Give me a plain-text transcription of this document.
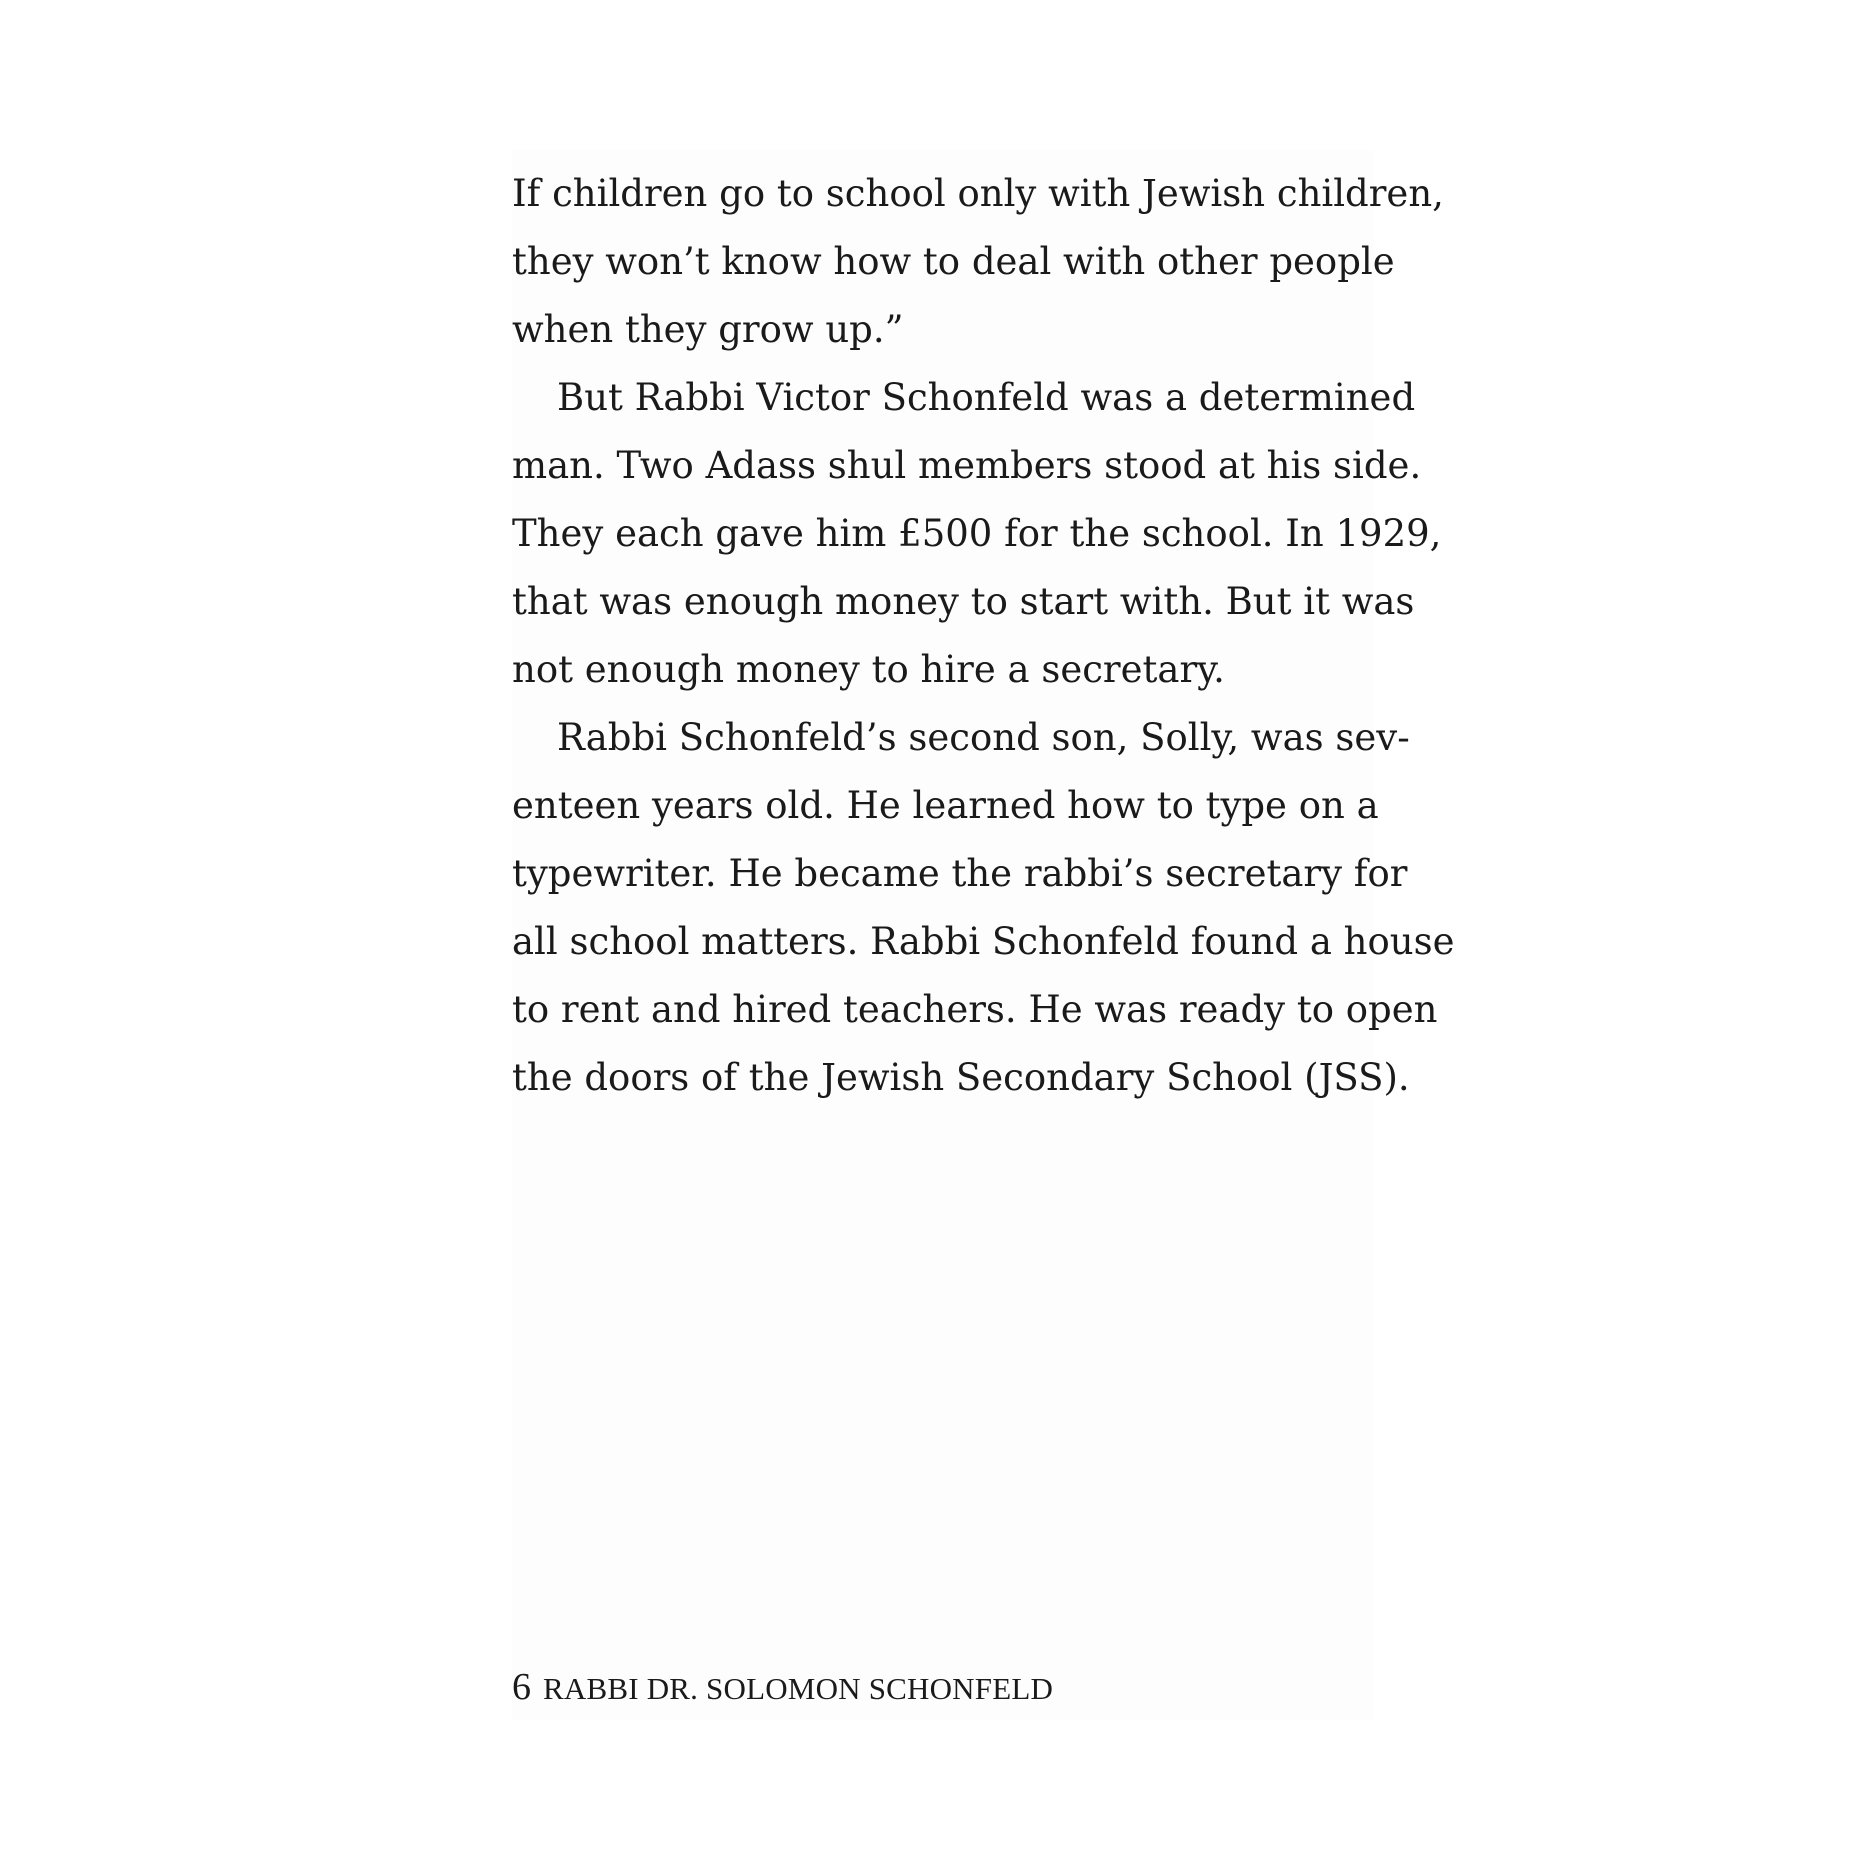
If children go to school only with Jewish children,
they won’t know how to deal with other people
when they grow up.”
But Rabbi Victor Schonfeld was a determined
man. Two Adass shul members stood at his side.
They each gave him £500 for the school. In 1929,
that was enough money to start with. But it was
not enough money to hire a secretary.
Rabbi Schonfeld’s second son, Solly, was sev-
enteen years old. He learned how to type on a
typewriter. He became the rabbi’s secretary for
all school matters. Rabbi Schonfeld found a house
to rent and hired teachers. He was ready to open
the doors of the Jewish Secondary School (JSS).
6 RABBI DR. SOLOMON SCHONFELD
